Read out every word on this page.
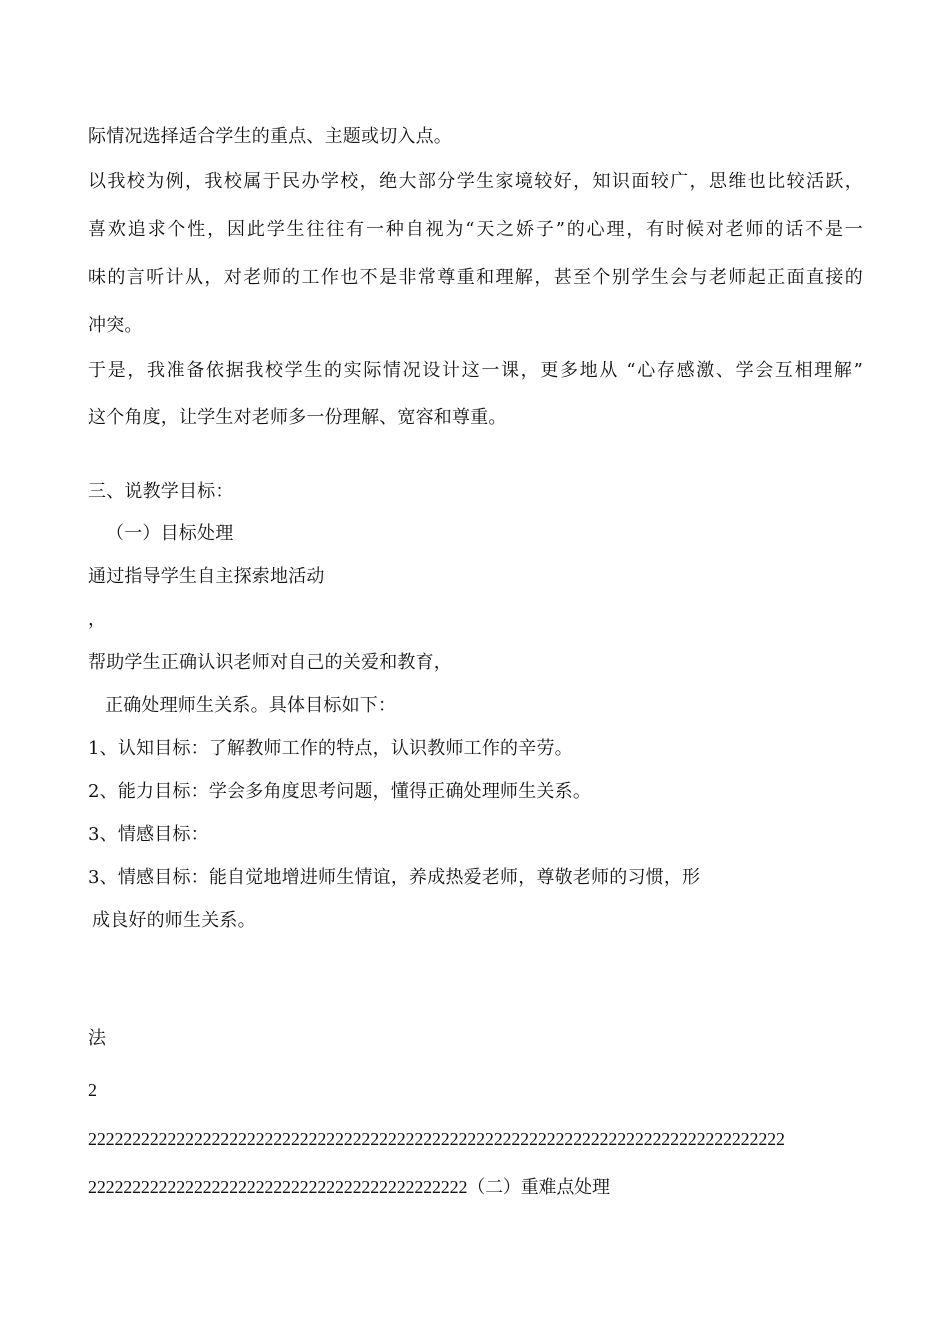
际情况选择适合学生的重点、主题或切入点。
以我校为例，我校属于民办学校，绝大部分学生家境较好，知识面较广，思维也比较活跃，
喜欢追求个性，因此学生往往有一种自视为“天之娇子”的心理，有时候对老师的话不是一
味的言听计从，对老师的工作也不是非常尊重和理解，甚至个别学生会与老师起正面直接的
冲突。
于是，我准备依据我校学生的实际情况设计这一课，更多地从 “心存感激、学会互相理解”
这个角度，让学生对老师多一份理解、宽容和尊重。
三、说教学目标：
（一）目标处理
通过指导学生自主探索地活动
，
帮助学生正确认识老师对自己的关爱和教育，
正确处理师生关系。具体目标如下：
1、认知目标：了解教师工作的特点，认识教师工作的辛劳。
2、能力目标：学会多角度思考问题，懂得正确处理师生关系。
3、情感目标：
3、情感目标：能自觉地增进师生情谊，养成热爱老师，尊敬老师的习惯，形
成良好的师生关系。
法
2
2222222222222222222222222222222222222222222222222222222222222222222222222222222
2222222222222222222222222222222222222222222（二）重难点处理
